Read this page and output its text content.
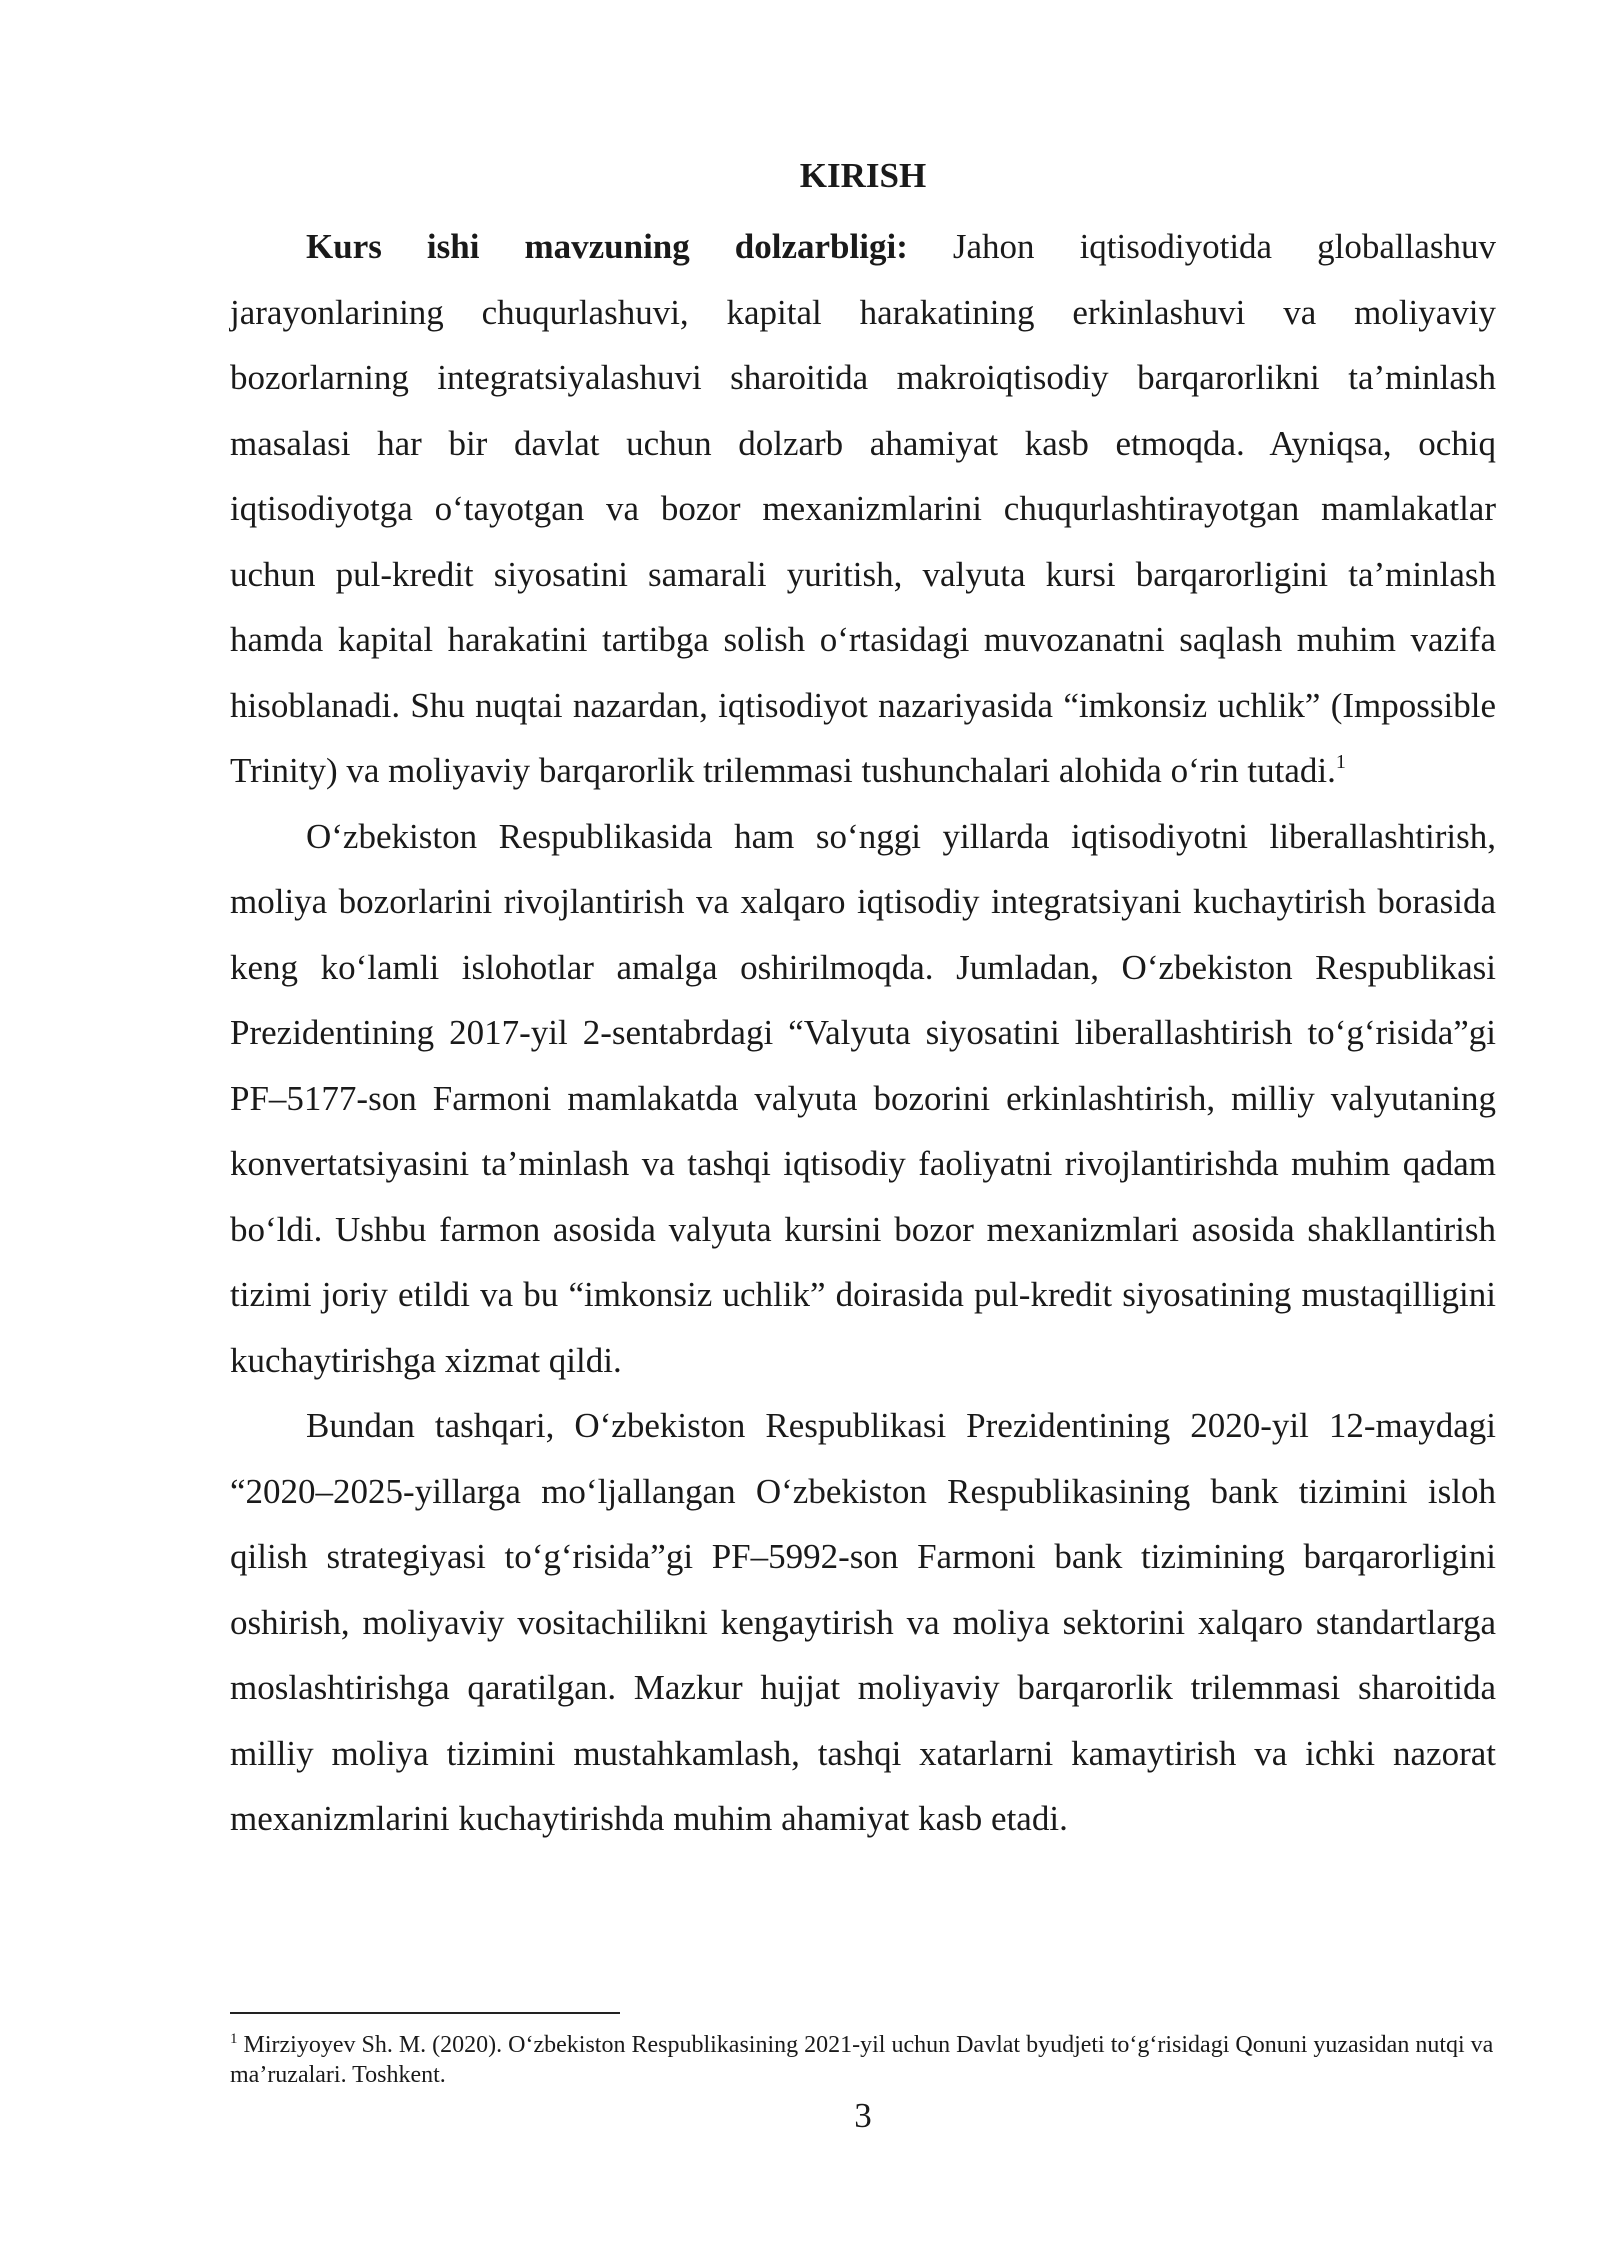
KIRISH

Kurs ishi mavzuning dolzarbligi: Jahon iqtisodiyotida globallashuv jarayonlarining chuqurlashuvi, kapital harakatining erkinlashuvi va moliyaviy bozorlarning integratsiyalashuvi sharoitida makroiqtisodiy barqarorlikni ta’minlash masalasi har bir davlat uchun dolzarb ahamiyat kasb etmoqda. Ayniqsa, ochiq iqtisodiyotga o‘tayotgan va bozor mexanizmlarini chuqurlashtirayotgan mamlakatlar uchun pul-kredit siyosatini samarali yuritish, valyuta kursi barqarorligini ta’minlash hamda kapital harakatini tartibga solish o‘rtasidagi muvozanatni saqlash muhim vazifa hisoblanadi. Shu nuqtai nazardan, iqtisodiyot nazariyasida “imkonsiz uchlik” (Impossible Trinity) va moliyaviy barqarorlik trilemmasi tushunchalari alohida o‘rin tutadi.$^1$

O‘zbekiston Respublikasida ham so‘nggi yillarda iqtisodiyotni liberallashtirish, moliya bozorlarini rivojlantirish va xalqaro iqtisodiy integratsiyani kuchaytirish borasida keng ko‘lamli islohotlar amalga oshirilmoqda. Jumladan, O‘zbekiston Respublikasi Prezidentining 2017-yil 2-sentabrdagi “Valyuta siyosatini liberallashtirish to‘g‘risida”gi PF–5177-son Farmoni mamlakatda valyuta bozorini erkinlashtirish, milliy valyutaning konvertatsiyasini ta’minlash va tashqi iqtisodiy faoliyatni rivojlantirishda muhim qadam bo‘ldi. Ushbu farmon asosida valyuta kursini bozor mexanizmlari asosida shakllantirish tizimi joriy etildi va bu “imkonsiz uchlik” doirasida pul-kredit siyosatining mustaqilligini kuchaytirishga xizmat qildi.

Bundan tashqari, O‘zbekiston Respublikasi Prezidentining 2020-yil 12-maydagi “2020–2025-yillarga mo‘ljallangan O‘zbekiston Respublikasining bank tizimini isloh qilish strategiyasi to‘g‘risida”gi PF–5992-son Farmoni bank tizimining barqarorligini oshirish, moliyaviy vositachilikni kengaytirish va moliya sektorini xalqaro standartlarga moslashtirishga qaratilgan. Mazkur hujjat moliyaviy barqarorlik trilemmasi sharoitida milliy moliya tizimini mustahkamlash, tashqi xatarlarni kamaytirish va ichki nazorat mexanizmlarini kuchaytirishda muhim ahamiyat kasb etadi.

$^1$ Mirziyoyev Sh. M. (2020). O‘zbekiston Respublikasining 2021-yil uchun Davlat byudjeti to‘g‘risidagi Qonuni yuzasidan nutqi va ma’ruzalari. Toshkent.
3
